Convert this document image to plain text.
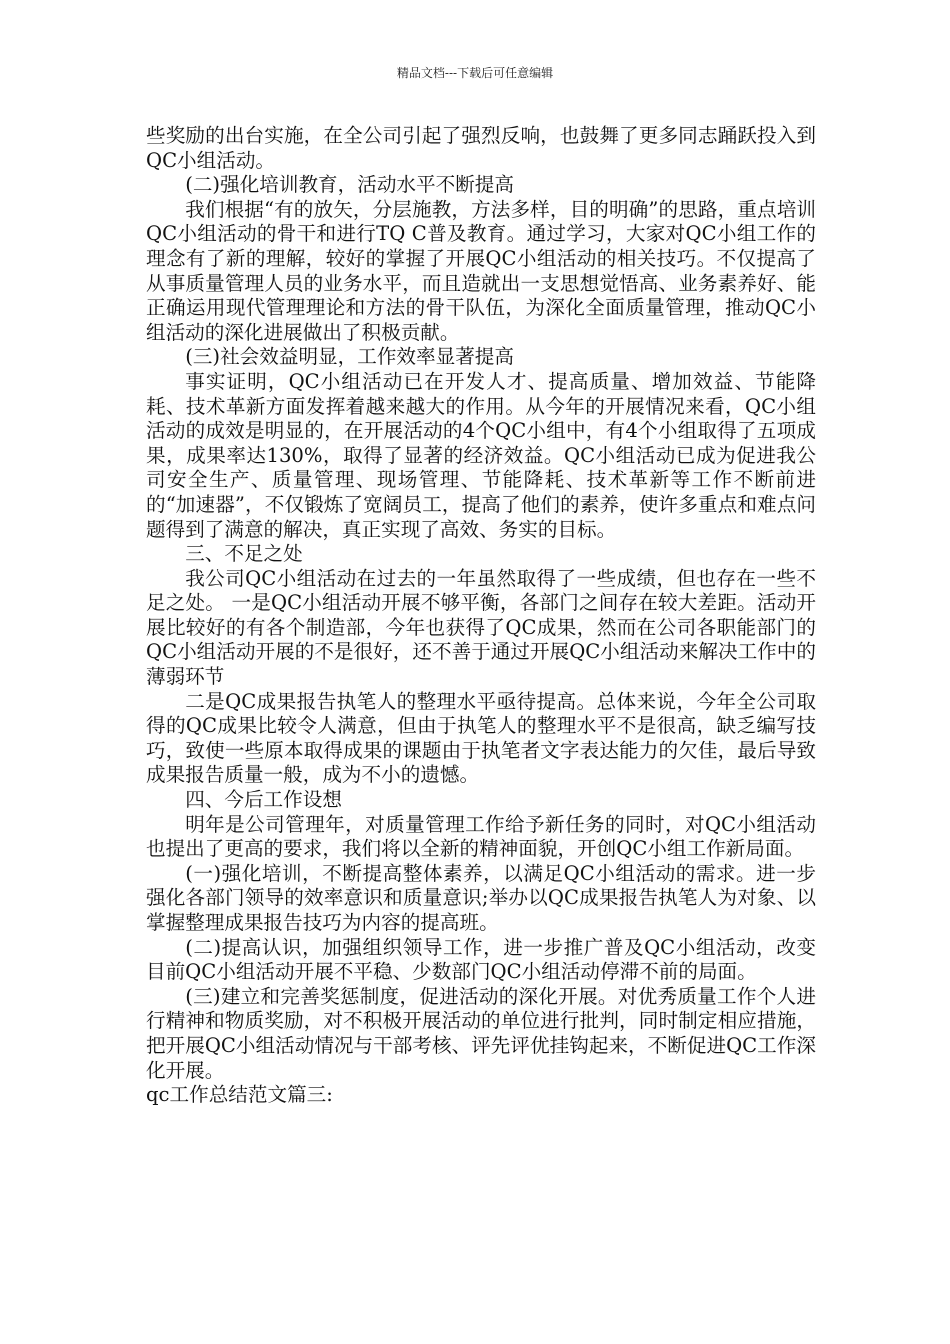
精品文档---下载后可任意编辑

些奖励的出台实施，在全公司引起了强烈反响，也鼓舞了更多同志踊跃投入到QC小组活动。

(二)强化培训教育，活动水平不断提高

我们根据“有的放矢，分层施教，方法多样，目的明确”的思路，重点培训QC小组活动的骨干和进行TQ C普及教育。通过学习，大家对QC小组工作的理念有了新的理解，较好的掌握了开展QC小组活动的相关技巧。不仅提高了从事质量管理人员的业务水平，而且造就出一支思想觉悟高、业务素养好、能正确运用现代管理理论和方法的骨干队伍，为深化全面质量管理，推动QC小组活动的深化进展做出了积极贡献。

(三)社会效益明显，工作效率显著提高

事实证明，QC小组活动已在开发人才、提高质量、增加效益、节能降耗、技术革新方面发挥着越来越大的作用。从今年的开展情况来看，QC小组活动的成效是明显的，在开展活动的4个QC小组中，有4个小组取得了五项成果，成果率达130%，取得了显著的经济效益。QC小组活动已成为促进我公司安全生产、质量管理、现场管理、节能降耗、技术革新等工作不断前进的“加速器”，不仅锻炼了宽阔员工，提高了他们的素养，使许多重点和难点问题得到了满意的解决，真正实现了高效、务实的目标。

三、不足之处

我公司QC小组活动在过去的一年虽然取得了一些成绩，但也存在一些不足之处。 一是QC小组活动开展不够平衡，各部门之间存在较大差距。活动开展比较好的有各个制造部，今年也获得了QC成果，然而在公司各职能部门的QC小组活动开展的不是很好，还不善于通过开展QC小组活动来解决工作中的薄弱环节

二是QC成果报告执笔人的整理水平亟待提高。总体来说，今年全公司取得的QC成果比较令人满意，但由于执笔人的整理水平不是很高，缺乏编写技巧，致使一些原本取得成果的课题由于执笔者文字表达能力的欠佳，最后导致成果报告质量一般，成为不小的遗憾。

四、今后工作设想

明年是公司管理年，对质量管理工作给予新任务的同时，对QC小组活动也提出了更高的要求，我们将以全新的精神面貌，开创QC小组工作新局面。

(一)强化培训，不断提高整体素养，以满足QC小组活动的需求。进一步强化各部门领导的效率意识和质量意识;举办以QC成果报告执笔人为对象、以掌握整理成果报告技巧为内容的提高班。

(二)提高认识，加强组织领导工作，进一步推广普及QC小组活动，改变目前QC小组活动开展不平稳、少数部门QC小组活动停滞不前的局面。

(三)建立和完善奖惩制度，促进活动的深化开展。对优秀质量工作个人进行精神和物质奖励，对不积极开展活动的单位进行批判，同时制定相应措施，把开展QC小组活动情况与干部考核、评先评优挂钩起来，不断促进QC工作深化开展。

qc工作总结范文篇三:
